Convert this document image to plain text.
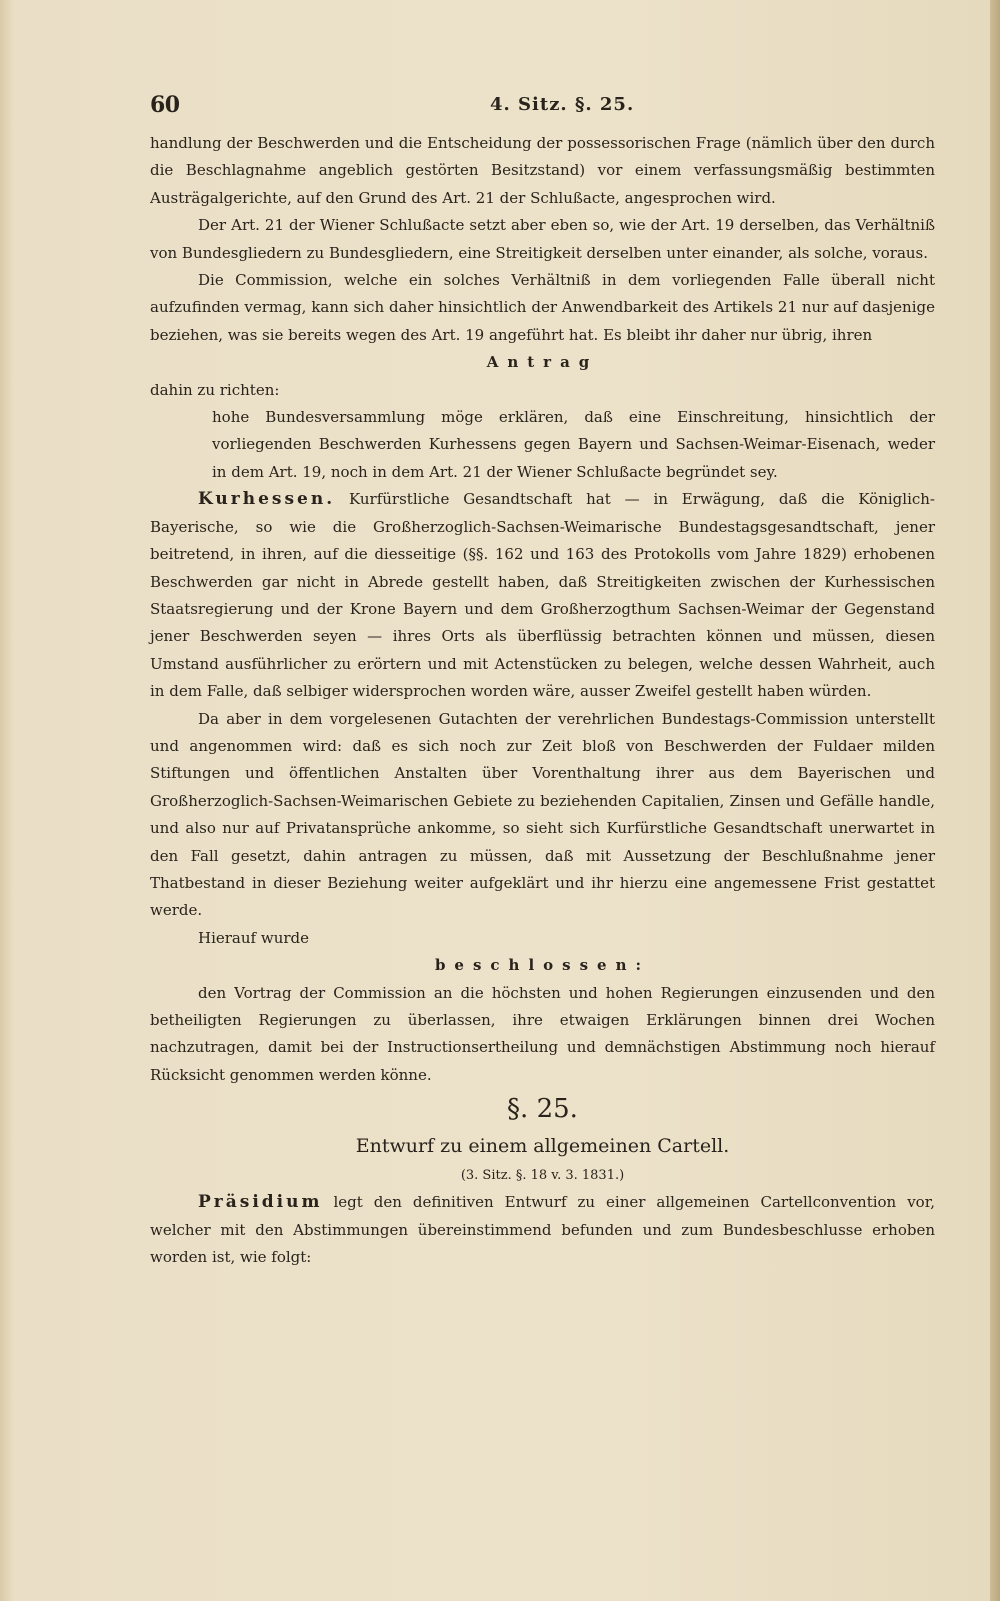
60	4. Sitz. §. 25.

handlung der Beschwerden und die Entscheidung der possessorischen Frage (nämlich über den durch die Beschlagnahme angeblich gestörten Besitzstand) vor einem verfassungsmäßig bestimmten Austrägalgerichte, auf den Grund des Art. 21 der Schlußacte, angesprochen wird.

Der Art. 21 der Wiener Schlußacte setzt aber eben so, wie der Art. 19 derselben, das Verhältniß von Bundesgliedern zu Bundesgliedern, eine Streitigkeit derselben unter einander, als solche, voraus.

Die Commission, welche ein solches Verhältniß in dem vorliegenden Falle überall nicht aufzufinden vermag, kann sich daher hinsichtlich der Anwendbarkeit des Artikels 21 nur auf dasjenige beziehen, was sie bereits wegen des Art. 19 angeführt hat. Es bleibt ihr daher nur übrig, ihren

Antrag

dahin zu richten:

hohe Bundesversammlung möge erklären, daß eine Einschreitung, hinsichtlich der vorliegenden Beschwerden Kurhessens gegen Bayern und Sachsen-Weimar-Eisenach, weder in dem Art. 19, noch in dem Art. 21 der Wiener Schlußacte begründet sey.

Kurhessen. Kurfürstliche Gesandtschaft hat — in Erwägung, daß die Königlich-Bayerische, so wie die Großherzoglich-Sachsen-Weimarische Bundestagsgesandtschaft, jener beitretend, in ihren, auf die diesseitige (§§. 162 und 163 des Protokolls vom Jahre 1829) erhobenen Beschwerden gar nicht in Abrede gestellt haben, daß Streitigkeiten zwischen der Kurhessischen Staatsregierung und der Krone Bayern und dem Großherzogthum Sachsen-Weimar der Gegenstand jener Beschwerden seyen — ihres Orts als überflüssig betrachten können und müssen, diesen Umstand ausführlicher zu erörtern und mit Actenstücken zu belegen, welche dessen Wahrheit, auch in dem Falle, daß selbiger widersprochen worden wäre, ausser Zweifel gestellt haben würden.

Da aber in dem vorgelesenen Gutachten der verehrlichen Bundestags-Commission unterstellt und angenommen wird: daß es sich noch zur Zeit bloß von Beschwerden der Fuldaer milden Stiftungen und öffentlichen Anstalten über Vorenthaltung ihrer aus dem Bayerischen und Großherzoglich-Sachsen-Weimarischen Gebiete zu beziehenden Capitalien, Zinsen und Gefälle handle, und also nur auf Privatansprüche ankomme, so sieht sich Kurfürstliche Gesandtschaft unerwartet in den Fall gesetzt, dahin antragen zu müssen, daß mit Aussetzung der Beschlußnahme jener Thatbestand in dieser Beziehung weiter aufgeklärt und ihr hierzu eine angemessene Frist gestattet werde.

Hierauf wurde

beschlossen:

den Vortrag der Commission an die höchsten und hohen Regierungen einzusenden und den betheiligten Regierungen zu überlassen, ihre etwaigen Erklärungen binnen drei Wochen nachzutragen, damit bei der Instructionsertheilung und demnächstigen Abstimmung noch hierauf Rücksicht genommen werden könne.

§. 25.

Entwurf zu einem allgemeinen Cartell.

(3. Sitz. §. 18 v. 3. 1831.)

Präsidium legt den definitiven Entwurf zu einer allgemeinen Cartellconvention vor, welcher mit den Abstimmungen übereinstimmend befunden und zum Bundesbeschlusse erhoben worden ist, wie folgt:
